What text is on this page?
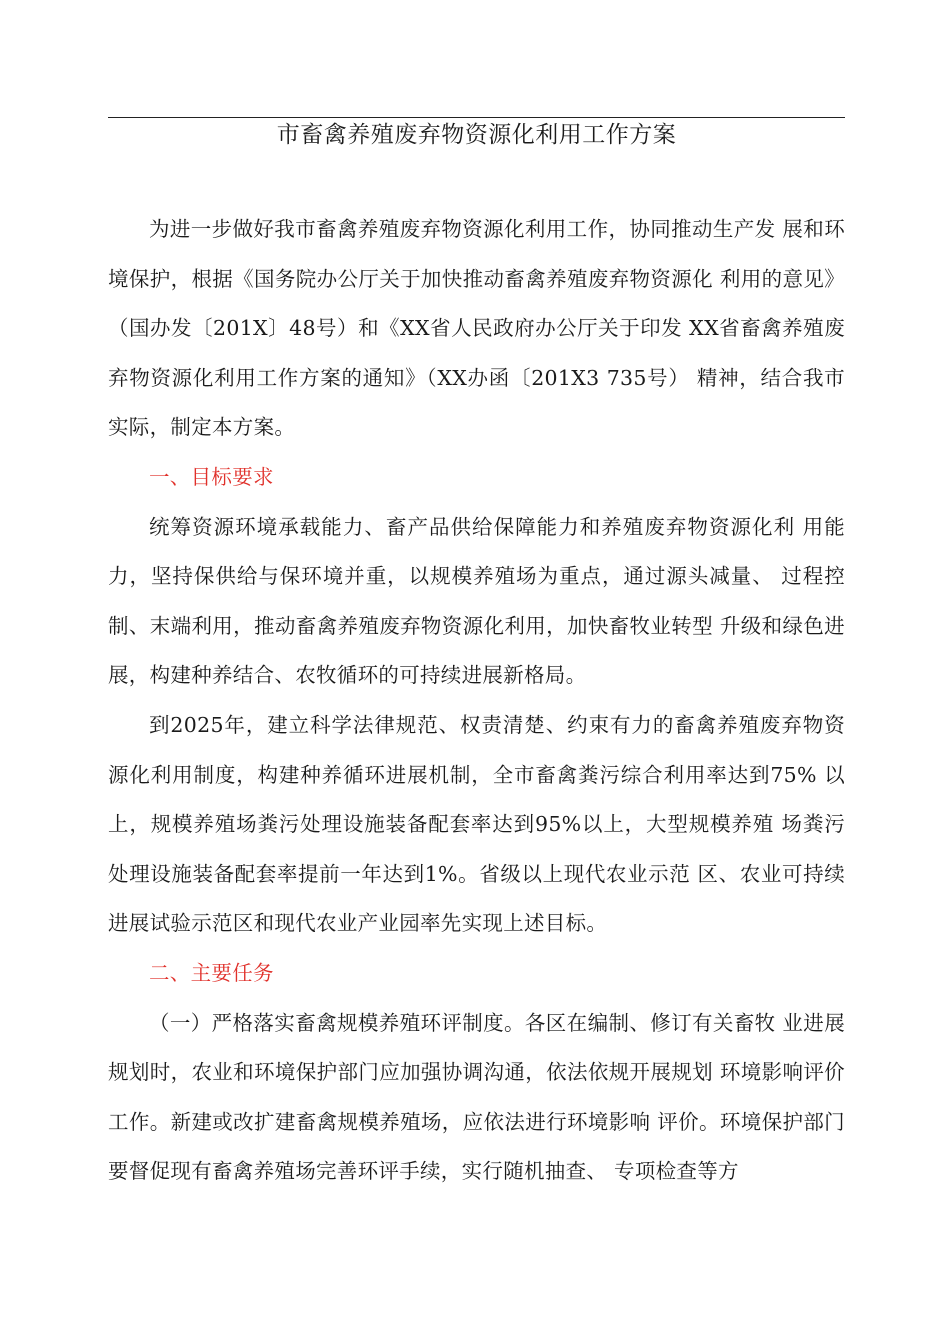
市畜禽养殖废弃物资源化利用工作方案

为进一步做好我市畜禽养殖废弃物资源化利用工作，协同推动生产发 展和环境保护，根据《国务院办公厅关于加快推动畜禽养殖废弃物资源化 利用的意见》（国办发〔201X〕48号）和《XX省人民政府办公厅关于印发 XX省畜禽养殖废弃物资源化利用工作方案的通知》（XX办函〔201X3 735号） 精神，结合我市实际，制定本方案。

一、目标要求

统筹资源环境承载能力、畜产品供给保障能力和养殖废弃物资源化利 用能力，坚持保供给与保环境并重，以规模养殖场为重点，通过源头减量、 过程控制、末端利用，推动畜禽养殖废弃物资源化利用，加快畜牧业转型 升级和绿色进展，构建种养结合、农牧循环的可持续进展新格局。

到2025年，建立科学法律规范、权责清楚、约束有力的畜禽养殖废弃物资源化利用制度，构建种养循环进展机制，全市畜禽粪污综合利用率达到75% 以上，规模养殖场粪污处理设施装备配套率达到95%以上，大型规模养殖 场粪污处理设施装备配套率提前一年达到1%。省级以上现代农业示范 区、农业可持续进展试验示范区和现代农业产业园率先实现上述目标。

二、主要任务

（一）严格落实畜禽规模养殖环评制度。各区在编制、修订有关畜牧 业进展规划时，农业和环境保护部门应加强协调沟通，依法依规开展规划 环境影响评价工作。新建或改扩建畜禽规模养殖场，应依法进行环境影响 评价。环境保护部门要督促现有畜禽养殖场完善环评手续，实行随机抽查、 专项检查等方
